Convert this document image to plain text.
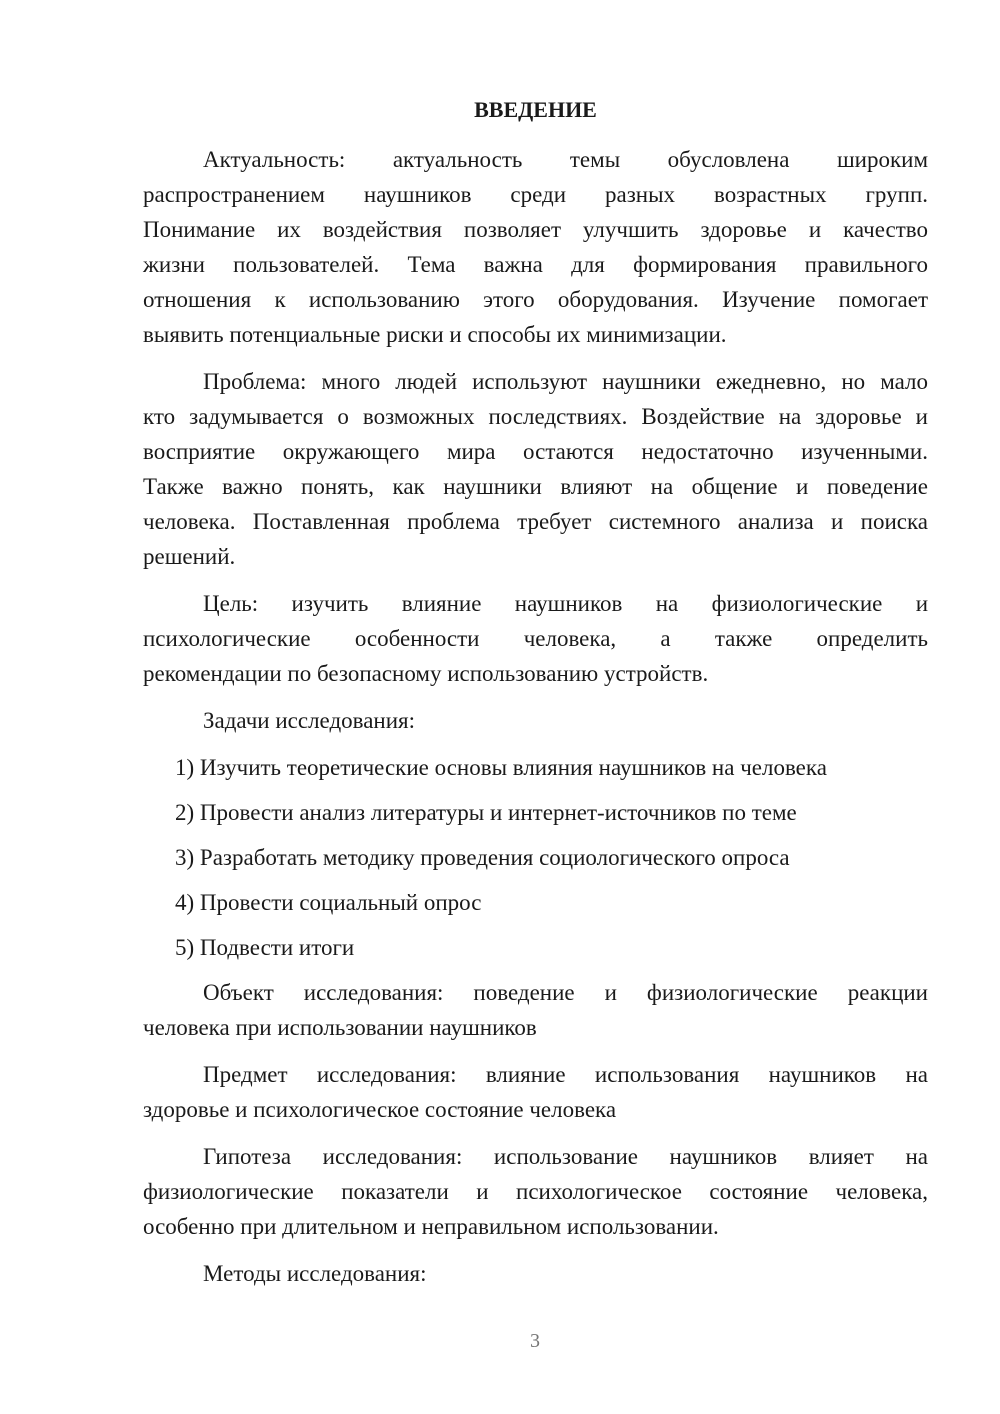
ВВЕДЕНИЕ
Актуальность: актуальность темы обусловлена широким
распространением наушников среди разных возрастных групп.
Понимание их воздействия позволяет улучшить здоровье и качество
жизни пользователей. Тема важна для формирования правильного
отношения к использованию этого оборудования. Изучение помогает
выявить потенциальные риски и способы их минимизации.
Проблема: много людей используют наушники ежедневно, но мало
кто задумывается о возможных последствиях. Воздействие на здоровье и
восприятие окружающего мира остаются недостаточно изученными.
Также важно понять, как наушники влияют на общение и поведение
человека. Поставленная проблема требует системного анализа и поиска
решений.
Цель: изучить влияние наушников на физиологические и
психологические особенности человека, а также определить
рекомендации по безопасному использованию устройств.
Задачи исследования:
1) Изучить теоретические основы влияния наушников на человека
2) Провести анализ литературы и интернет-источников по теме
3) Разработать методику проведения социологического опроса
4) Провести социальный опрос
5) Подвести итоги
Объект исследования: поведение и физиологические реакции
человека при использовании наушников
Предмет исследования: влияние использования наушников на
здоровье и психологическое состояние человека
Гипотеза исследования: использование наушников влияет на
физиологические показатели и психологическое состояние человека,
особенно при длительном и неправильном использовании.
Методы исследования:
3
